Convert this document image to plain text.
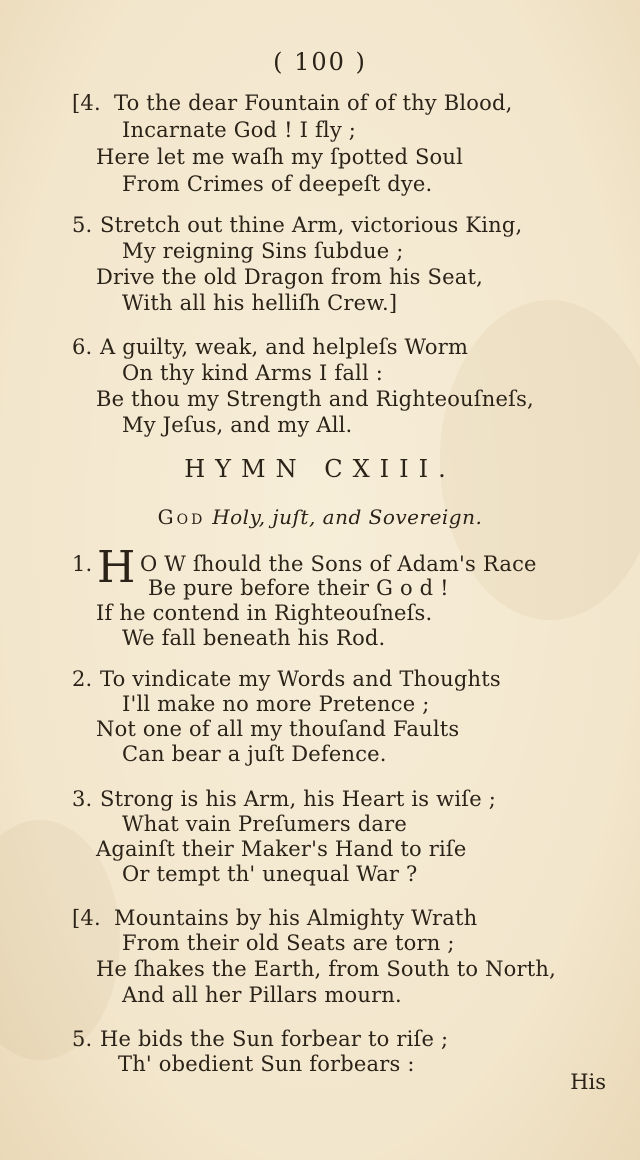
( 100 )
[4. To the dear Fountain of of thy Blood,
Incarnate God ! I fly ;
Here let me waſh my ſpotted Soul
From Crimes of deepeſt dye.
5. Stretch out thine Arm, victorious King,
My reigning Sins ſubdue ;
Drive the old Dragon from his Seat,
With all his helliſh Crew.]
6. A guilty, weak, and helpleſs Worm
On thy kind Arms I fall :
Be thou my Strength and Righteouſneſs,
My Jeſus, and my All.
HYMN CXIII.
God Holy, juſt, and Sovereign.
1. H O W ſhould the Sons of Adam's Race
Be pure before their G o d !
If he contend in Righteouſneſs.
We fall beneath his Rod.
2. To vindicate my Words and Thoughts
I'll make no more Pretence ;
Not one of all my thouſand Faults
Can bear a juſt Defence.
3. Strong is his Arm, his Heart is wiſe ;
What vain Preſumers dare
Againſt their Maker's Hand to riſe
Or tempt th' unequal War ?
[4. Mountains by his Almighty Wrath
From their old Seats are torn ;
He ſhakes the Earth, from South to North,
And all her Pillars mourn.
5. He bids the Sun forbear to riſe ;
Th' obedient Sun forbears :
His
